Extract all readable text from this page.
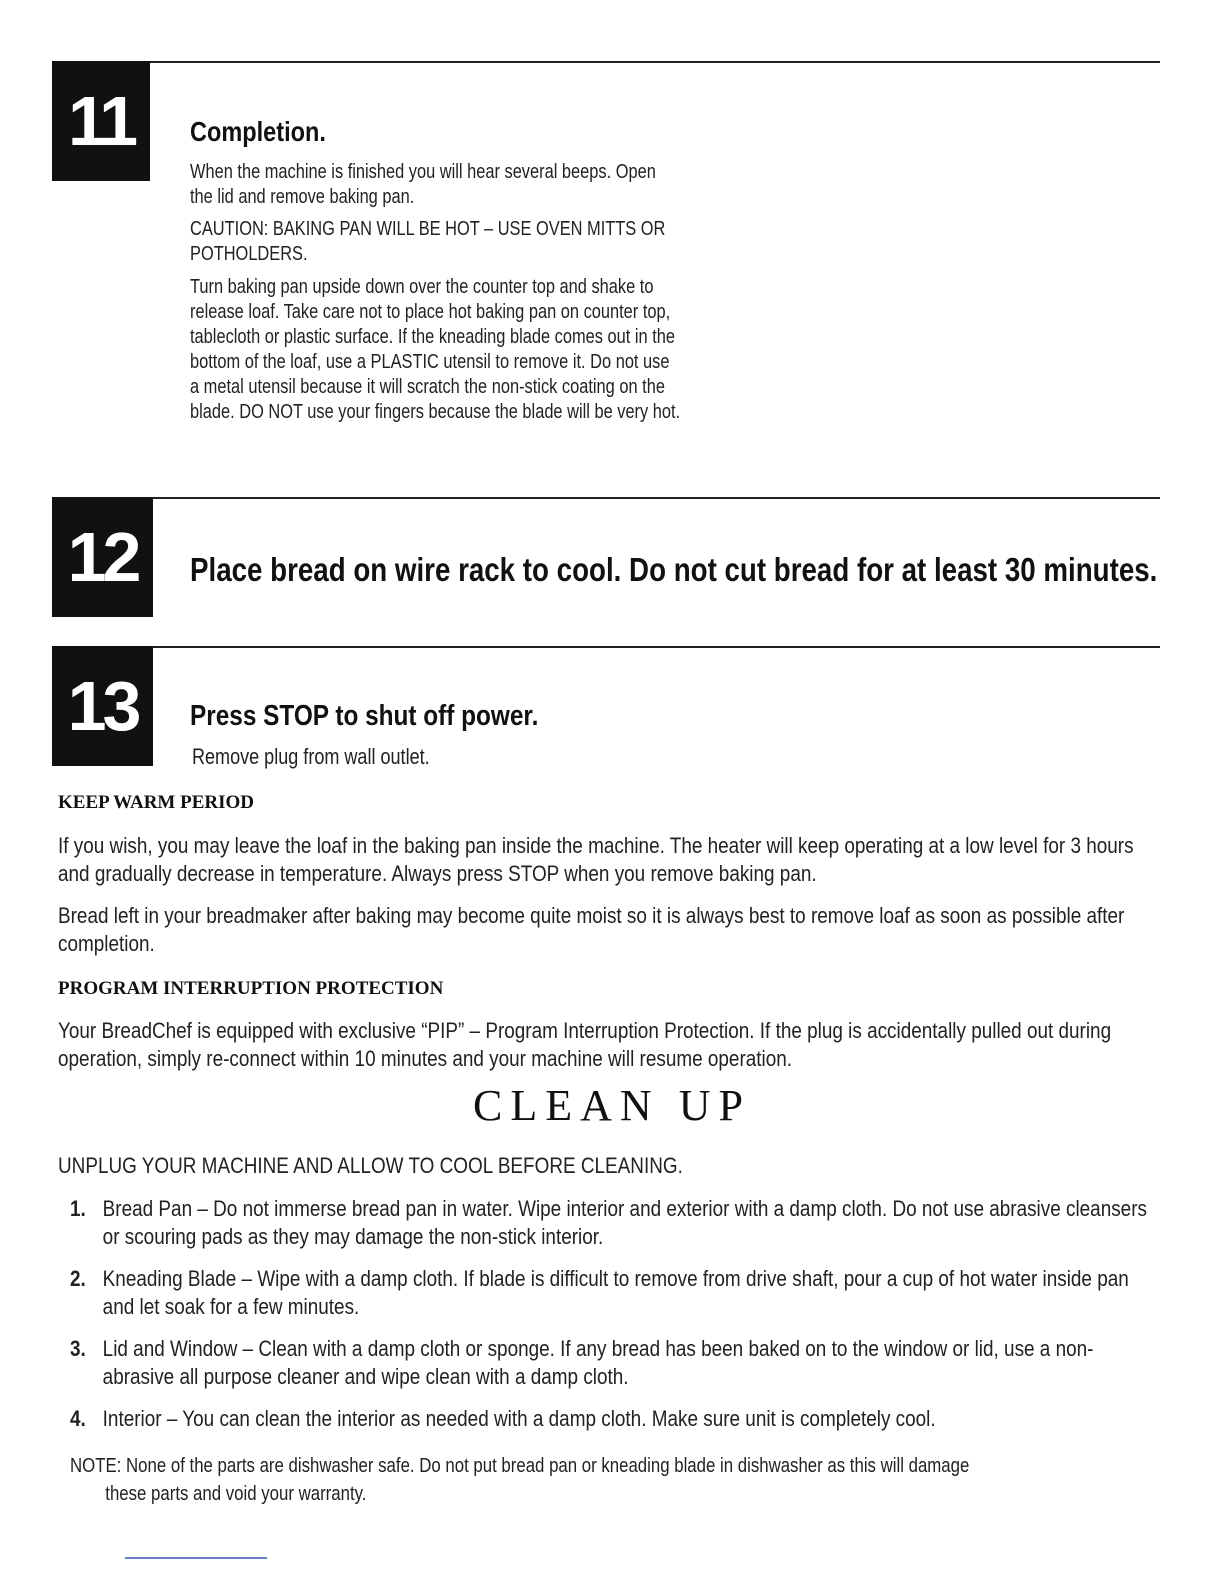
11 Completion.

When the machine is finished you will hear several beeps. Open the lid and remove baking pan.

CAUTION: BAKING PAN WILL BE HOT – USE OVEN MITTS OR POTHOLDERS.

Turn baking pan upside down over the counter top and shake to release loaf. Take care not to place hot baking pan on counter top, tablecloth or plastic surface. If the kneading blade comes out in the bottom of the loaf, use a PLASTIC utensil to remove it. Do not use a metal utensil because it will scratch the non-stick coating on the blade. DO NOT use your fingers because the blade will be very hot.

12 Place bread on wire rack to cool. Do not cut bread for at least 30 minutes.
13 Press STOP to shut off power.
Remove plug from wall outlet.
KEEP WARM PERIOD

If you wish, you may leave the loaf in the baking pan inside the machine. The heater will keep operating at a low level for 3 hours and gradually decrease in temperature. Always press STOP when you remove baking pan.

Bread left in your breadmaker after baking may become quite moist so it is always best to remove loaf as soon as possible after completion.

PROGRAM INTERRUPTION PROTECTION

Your BreadChef is equipped with exclusive “PIP” – Program Interruption Protection. If the plug is accidentally pulled out during operation, simply re-connect within 10 minutes and your machine will resume operation.

CLEAN UP
UNPLUG YOUR MACHINE AND ALLOW TO COOL BEFORE CLEANING.
1. Bread Pan – Do not immerse bread pan in water. Wipe interior and exterior with a damp cloth. Do not use abrasive cleansers or scouring pads as they may damage the non-stick interior.
2. Kneading Blade – Wipe with a damp cloth. If blade is difficult to remove from drive shaft, pour a cup of hot water inside pan and let soak for a few minutes.
3. Lid and Window – Clean with a damp cloth or sponge. If any bread has been baked on to the window or lid, use a non-abrasive all purpose cleaner and wipe clean with a damp cloth.
4. Interior – You can clean the interior as needed with a damp cloth. Make sure unit is completely cool.
NOTE: None of the parts are dishwasher safe. Do not put bread pan or kneading blade in dishwasher as this will damage
these parts and void your warranty.
